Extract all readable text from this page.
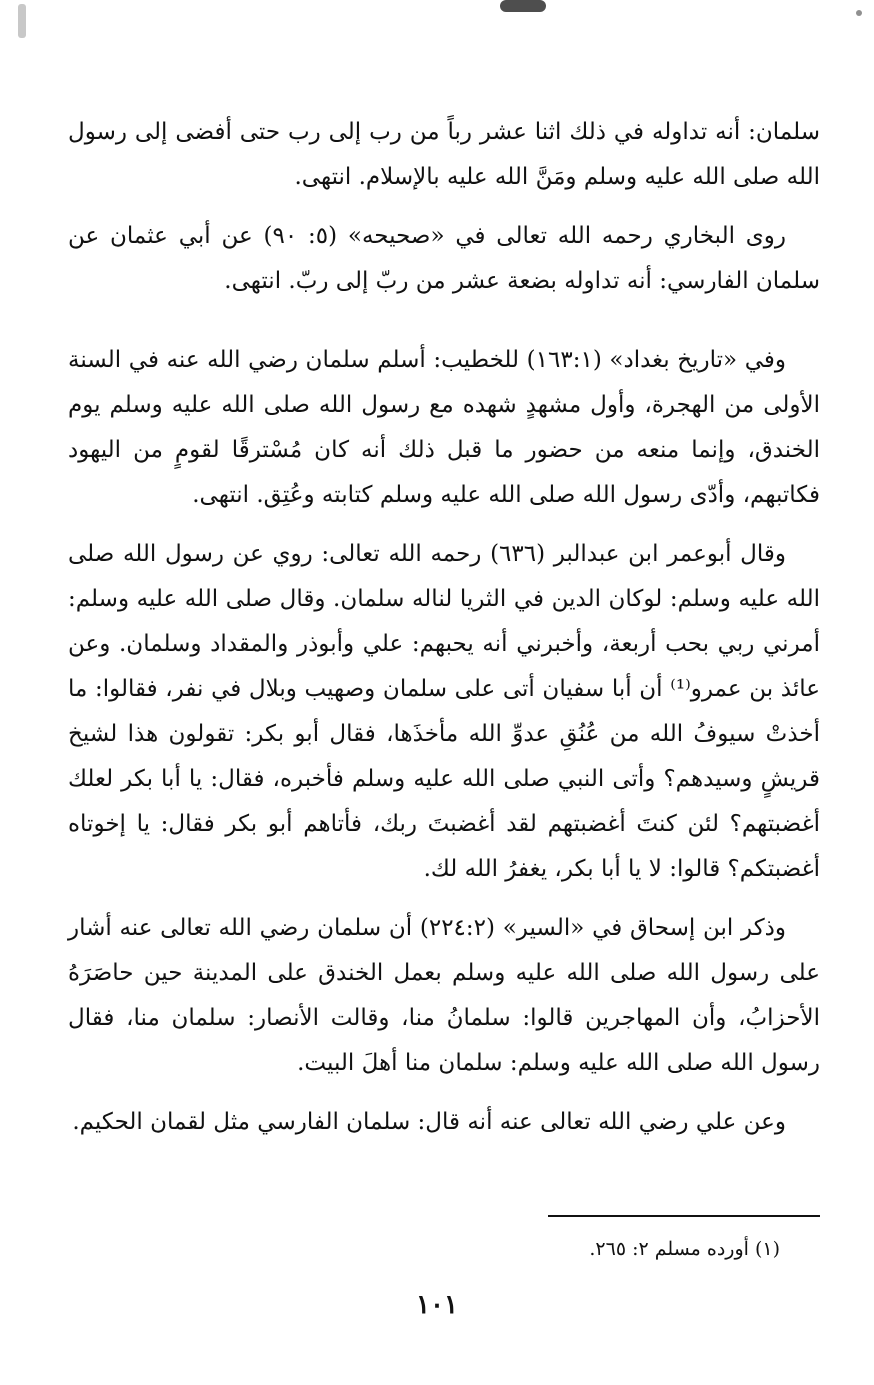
سلمان: أنه تداوله في ذلك اثنا عشر رباً من رب إلى رب حتى أفضى إلى رسول الله صلى الله عليه وسلم ومَنَّ الله عليه بالإسلام. انتهى.

روى البخاري رحمه الله تعالى في «صحيحه» (٥: ٩٠) عن أبي عثمان عن سلمان الفارسي: أنه تداوله بضعة عشر من ربّ إلى ربّ. انتهى.

وفي «تاريخ بغداد» (١٦٣:١) للخطيب: أسلم سلمان رضي الله عنه في السنة الأولى من الهجرة، وأول مشهدٍ شهده مع رسول الله صلى الله عليه وسلم يوم الخندق، وإنما منعه من حضور ما قبل ذلك أنه كان مُسْترقًا لقومٍ من اليهود فكاتبهم، وأدّى رسول الله صلى الله عليه وسلم كتابته وعُتِق. انتهى.

وقال أبوعمر ابن عبدالبر (٦٣٦) رحمه الله تعالى: روي عن رسول الله صلى الله عليه وسلم: لوكان الدين في الثريا لناله سلمان. وقال صلى الله عليه وسلم: أمرني ربي بحب أربعة، وأخبرني أنه يحبهم: علي وأبوذر والمقداد وسلمان. وعن عائذ بن عمرو⁽¹⁾ أن أبا سفيان أتى على سلمان وصهيب وبلال في نفر، فقالوا: ما أخذتْ سيوفُ الله من عُنُقِ عدوِّ الله مأخذَها، فقال أبو بكر: تقولون هذا لشيخ قريشٍ وسيدهم؟ وأتى النبي صلى الله عليه وسلم فأخبره، فقال: يا أبا بكر لعلك أغضبتهم؟ لئن كنتَ أغضبتهم لقد أغضبتَ ربك، فأتاهم أبو بكر فقال: يا إخوتاه أغضبتكم؟ قالوا: لا يا أبا بكر، يغفرُ الله لك.

وذكر ابن إسحاق في «السير» (٢٢٤:٢) أن سلمان رضي الله تعالى عنه أشار على رسول الله صلى الله عليه وسلم بعمل الخندق على المدينة حين حاصَرَهُ الأحزابُ، وأن المهاجرين قالوا: سلمانُ منا، وقالت الأنصار: سلمان منا، فقال رسول الله صلى الله عليه وسلم: سلمان منا أهلَ البيت.

وعن علي رضي الله تعالى عنه أنه قال: سلمان الفارسي مثل لقمان الحكيم.

(١) أورده مسلم ٢: ٢٦٥.
١٠١
